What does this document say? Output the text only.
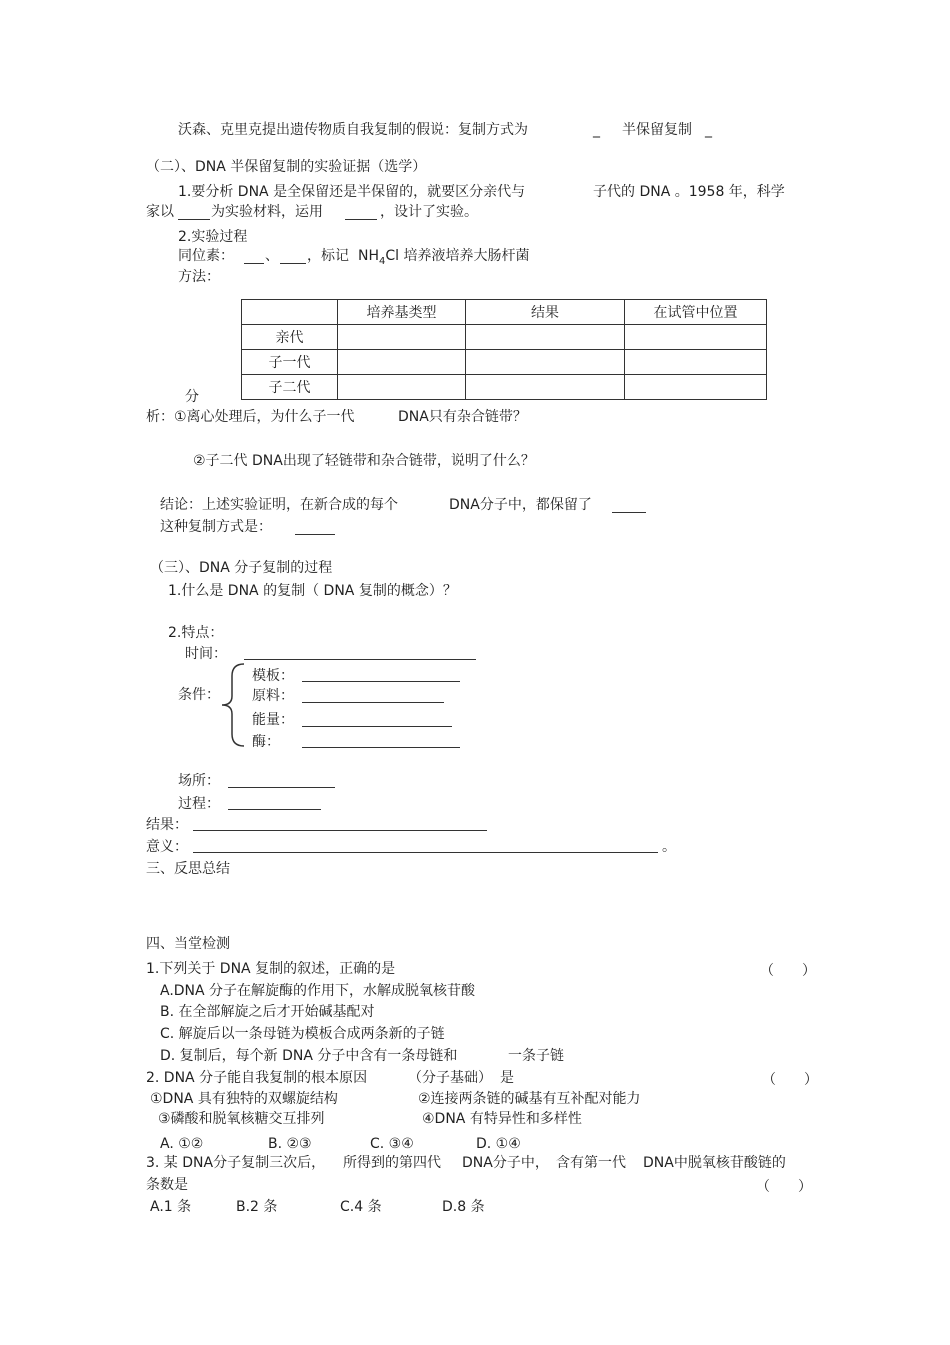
沃森、克里克提出遗传物质自我复制的假说：复制方式为	_ 半保留复制 _
（二）、DNA 半保留复制的实验证据（选学）
1.要分析 DNA 是全保留还是半保留的，就要区分亲代与	子代的 DNA 。1958 年，科学
家以	为实验材料，运用	，设计了实验。
2.实验过程
同位素： 、 ，标记 $NH_4Cl$ 培养液培养大肠杆菌
方法：
	培养基类型	结果	在试管中位置
亲代			
子一代			
子二代			
分
析：①离心处理后，为什么子一代	DNA只有杂合链带？
②子二代 DNA出现了轻链带和杂合链带，说明了什么？
结论：上述实验证明，在新合成的每个	DNA分子中，都保留了
这种复制方式是：
（三）、DNA 分子复制的过程
1.什么是 DNA 的复制（ DNA 复制的概念）？
2.特点：
时间：
条件：
模板：
原料：
能量：
酶：
场所：
过程：
结果：
意义：	。
三、反思总结
四、当堂检测
1.下列关于 DNA 复制的叙述，正确的是	（　　）
A.DNA 分子在解旋酶的作用下，水解成脱氧核苷酸
B. 在全部解旋之后才开始碱基配对
C. 解旋后以一条母链为模板合成两条新的子链
D. 复制后，每个新 DNA 分子中含有一条母链和	一条子链
2. DNA 分子能自我复制的根本原因	（分子基础） 是	（　　）
①DNA 具有独特的双螺旋结构	②连接两条链的碱基有互补配对能力
③磷酸和脱氧核糖交互排列	④DNA 有特异性和多样性
A. ①②	B. ②③	C. ③④	D. ①④
3. 某 DNA分子复制三次后， 所得到的第四代 DNA分子中， 含有第一代 DNA中脱氧核苷酸链的
条数是	（　　）
A.1 条	B.2 条	C.4 条	D.8 条
